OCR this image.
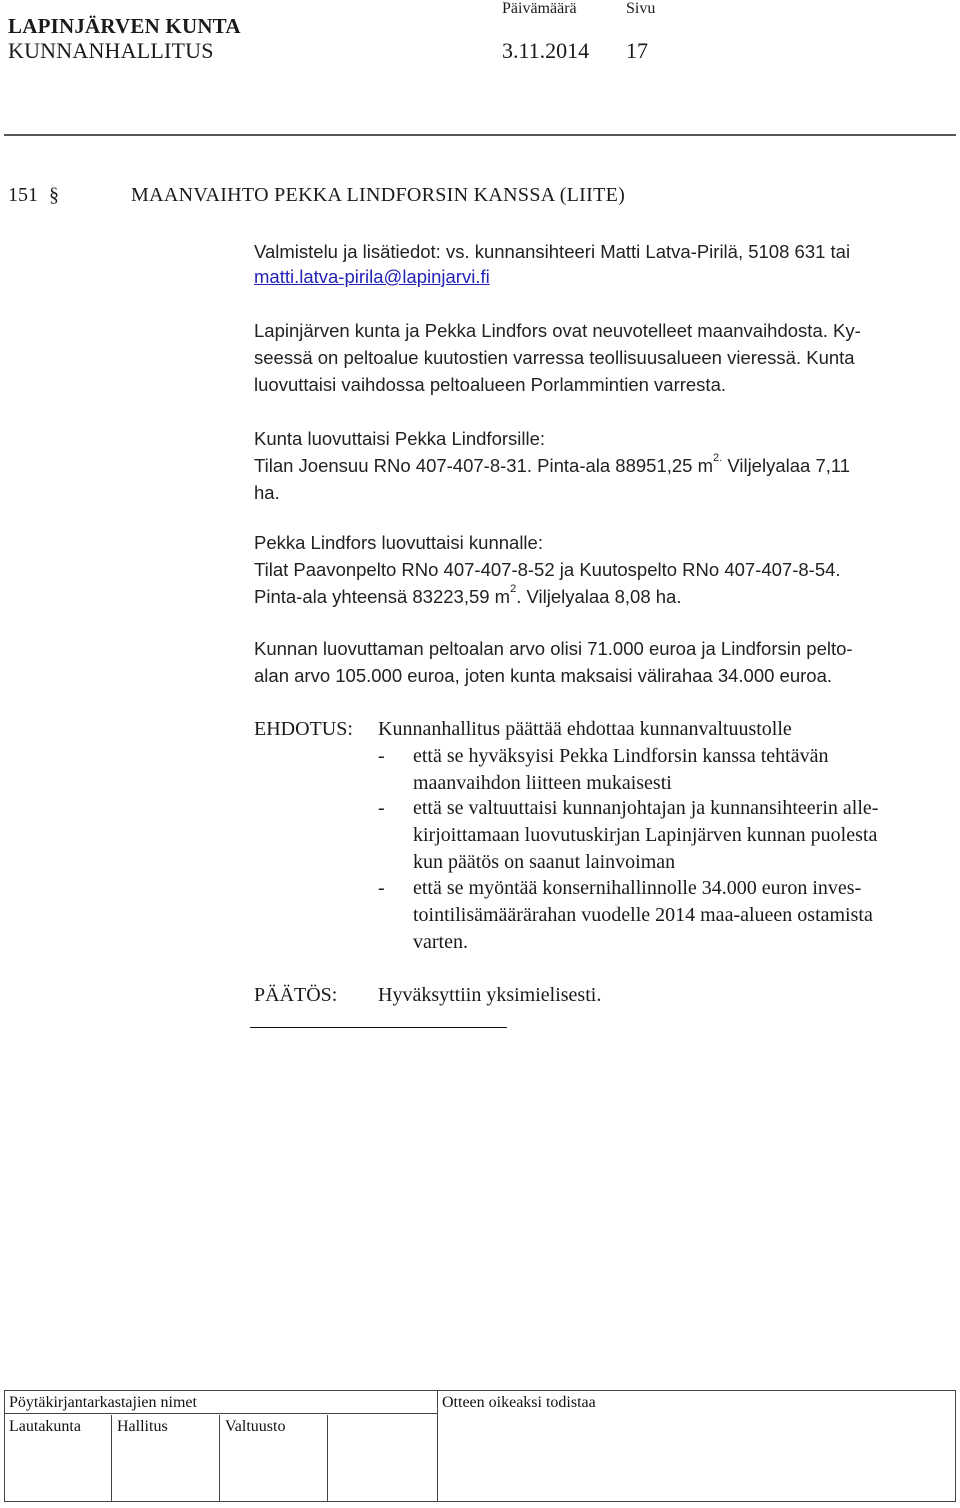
LAPINJÄRVEN KUNTA
KUNNANHALLITUS
Päivämäärä	Sivu
3.11.2014 17
151 §	MAANVAIHTO PEKKA LINDFORSIN KANSSA (LIITE)
Valmistelu ja lisätiedot: vs. kunnansihteeri Matti Latva-Pirilä, 5108 631 tai
matti.latva-pirila@lapinjarvi.fi
Lapinjärven kunta ja Pekka Lindfors ovat neuvotelleet maanvaihdosta. Ky-
seessä on peltoalue kuutostien varressa teollisuusalueen vieressä. Kunta
luovuttaisi vaihdossa peltoalueen Porlammintien varresta.
Kunta luovuttaisi Pekka Lindforsille:
Tilan Joensuu RNo 407-407-8-31. Pinta-ala 88951,25 $m^{2.}$ Viljelyalaa 7,11
ha.
Pekka Lindfors luovuttaisi kunnalle:
Tilat Paavonpelto RNo 407-407-8-52 ja Kuutospelto RNo 407-407-8-54.
Pinta-ala yhteensä 83223,59 $m^2$. Viljelyalaa 8,08 ha.
Kunnan luovuttaman peltoalan arvo olisi 71.000 euroa ja Lindforsin pelto-
alan arvo 105.000 euroa, joten kunta maksaisi välirahaa 34.000 euroa.
EHDOTUS: Kunnanhallitus päättää ehdottaa kunnanvaltuustolle
- että se hyväksyisi Pekka Lindforsin kanssa tehtävän
maanvaihdon liitteen mukaisesti
- että se valtuuttaisi kunnanjohtajan ja kunnansihteerin alle-
kirjoittamaan luovutuskirjan Lapinjärven kunnan puolesta
kun päätös on saanut lainvoiman
- että se myöntää konsernihallinnolle 34.000 euron inves-
tointilisämäärärahan vuodelle 2014 maa-alueen ostamista
varten.
PÄÄTÖS: Hyväksyttiin yksimielisesti.
Pöytäkirjantarkastajien nimet	Otteen oikeaksi todistaa
Lautakunta Hallitus	Valtuusto
